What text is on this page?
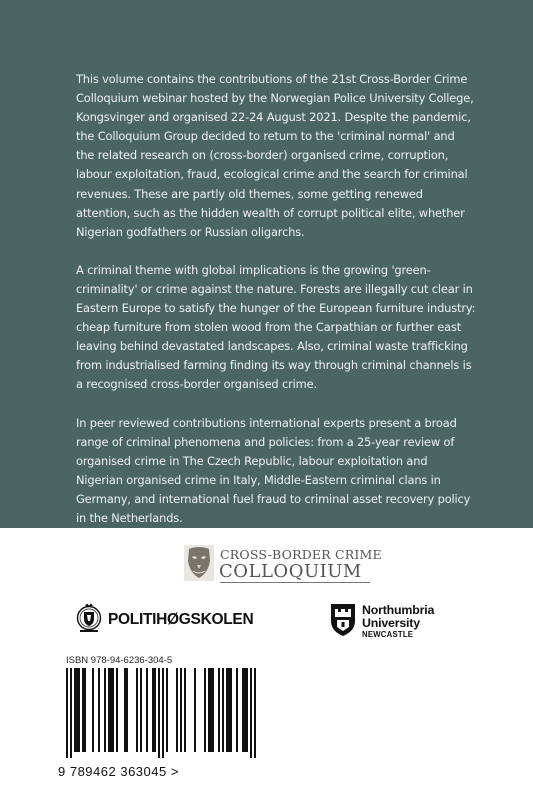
This volume contains the contributions of the 21st Cross-Border Crime Colloquium webinar hosted by the Norwegian Police University College, Kongsvinger and organised 22-24 August 2021. Despite the pandemic, the Colloquium Group decided to return to the 'criminal normal' and the related research on (cross-border) organised crime, corruption, labour exploitation, fraud, ecological crime and the search for criminal revenues. These are partly old themes, some getting renewed attention, such as the hidden wealth of corrupt political elite, whether Nigerian godfathers or Russian oligarchs.

A criminal theme with global implications is the growing 'green-criminality' or crime against the nature. Forests are illegally cut clear in Eastern Europe to satisfy the hunger of the European furniture industry: cheap furniture from stolen wood from the Carpathian or further east leaving behind devastated landscapes. Also, criminal waste trafficking from industrialised farming finding its way through criminal channels is a recognised cross-border organised crime.

In peer reviewed contributions international experts present a broad range of criminal phenomena and policies: from a 25-year review of organised crime in The Czech Republic, labour exploitation and Nigerian organised crime in Italy, Middle-Eastern criminal clans in Germany, and international fuel fraud to criminal asset recovery policy in the Netherlands.

CROSS-BORDER CRIME
COLLOQUIUM
POLITIHØGSKOLEN
Northumbria
University
NEWCASTLE
ISBN 978-94-6236-304-5
9 789462 363045 >
